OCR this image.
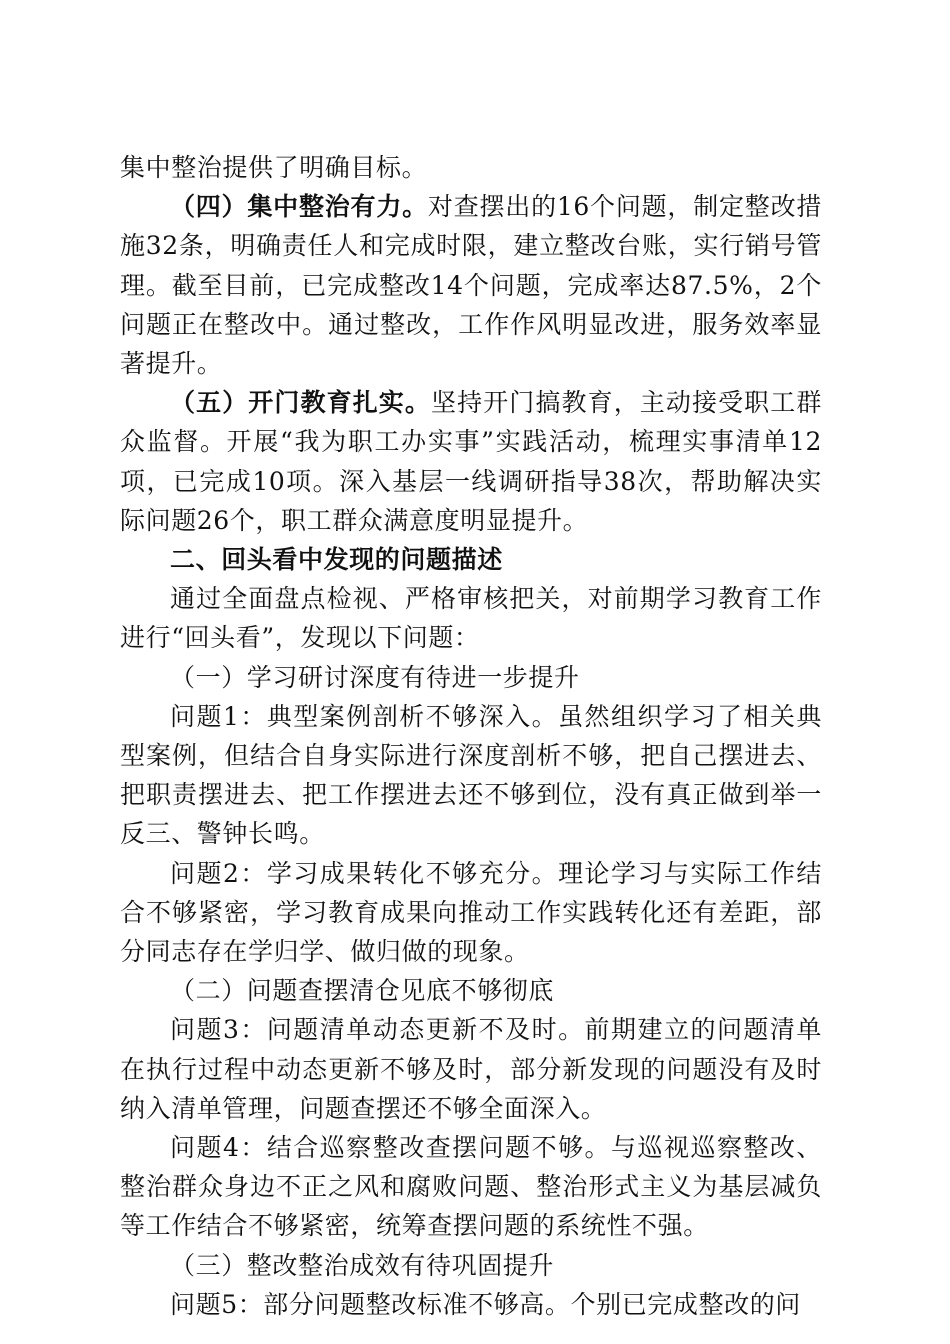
集中整治提供了明确目标。

（四）集中整治有力。对查摆出的16个问题，制定整改措施32条，明确责任人和完成时限，建立整改台账，实行销号管理。截至目前，已完成整改14个问题，完成率达87.5%，2个问题正在整改中。通过整改，工作作风明显改进，服务效率显著提升。

（五）开门教育扎实。坚持开门搞教育，主动接受职工群众监督。开展“我为职工办实事”实践活动，梳理实事清单12项，已完成10项。深入基层一线调研指导38次，帮助解决实际问题26个，职工群众满意度明显提升。

二、回头看中发现的问题描述

通过全面盘点检视、严格审核把关，对前期学习教育工作进行“回头看”，发现以下问题：

（一）学习研讨深度有待进一步提升

问题1：典型案例剖析不够深入。虽然组织学习了相关典型案例，但结合自身实际进行深度剖析不够，把自己摆进去、把职责摆进去、把工作摆进去还不够到位，没有真正做到举一反三、警钟长鸣。

问题2：学习成果转化不够充分。理论学习与实际工作结合不够紧密，学习教育成果向推动工作实践转化还有差距，部分同志存在学归学、做归做的现象。

（二）问题查摆清仓见底不够彻底

问题3：问题清单动态更新不及时。前期建立的问题清单在执行过程中动态更新不够及时，部分新发现的问题没有及时纳入清单管理，问题查摆还不够全面深入。

问题4：结合巡察整改查摆问题不够。与巡视巡察整改、整治群众身边不正之风和腐败问题、整治形式主义为基层减负等工作结合不够紧密，统筹查摆问题的系统性不强。

（三）整改整治成效有待巩固提升

问题5：部分问题整改标准不够高。个别已完成整改的问
